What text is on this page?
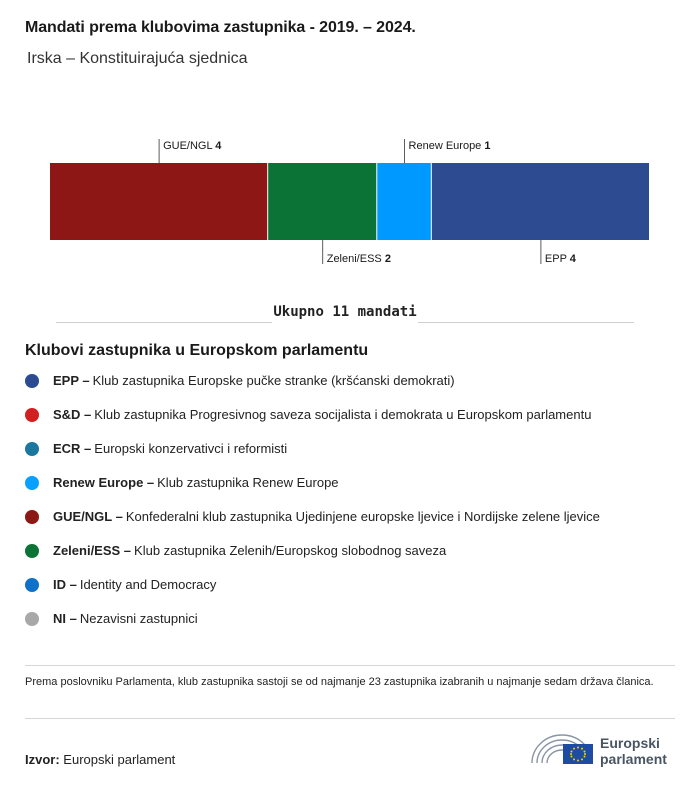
Mandati prema klubovima zastupnika - 2019. – 2024.
Irska – Konstituirajuća sjednica
GUE/NGL 4
Zeleni/ESS 2
Renew Europe 1
EPP 4
Ukupno 11 mandati
Klubovi zastupnika u Europskom parlamentu
EPP – Klub zastupnika Europske pučke stranke (kršćanski demokrati)
S&D – Klub zastupnika Progresivnog saveza socijalista i demokrata u Europskom parlamentu
ECR – Europski konzervativci i reformisti
Renew Europe – Klub zastupnika Renew Europe
GUE/NGL – Konfederalni klub zastupnika Ujedinjene europske ljevice i Nordijske zelene ljevice
Zeleni/ESS – Klub zastupnika Zelenih/Europskog slobodnog saveza
ID – Identity and Democracy
NI – Nezavisni zastupnici
Prema poslovniku Parlamenta, klub zastupnika sastoji se od najmanje 23 zastupnika izabranih u najmanje sedam država članica.
Izvor: Europski parlament
Europski
parlament
